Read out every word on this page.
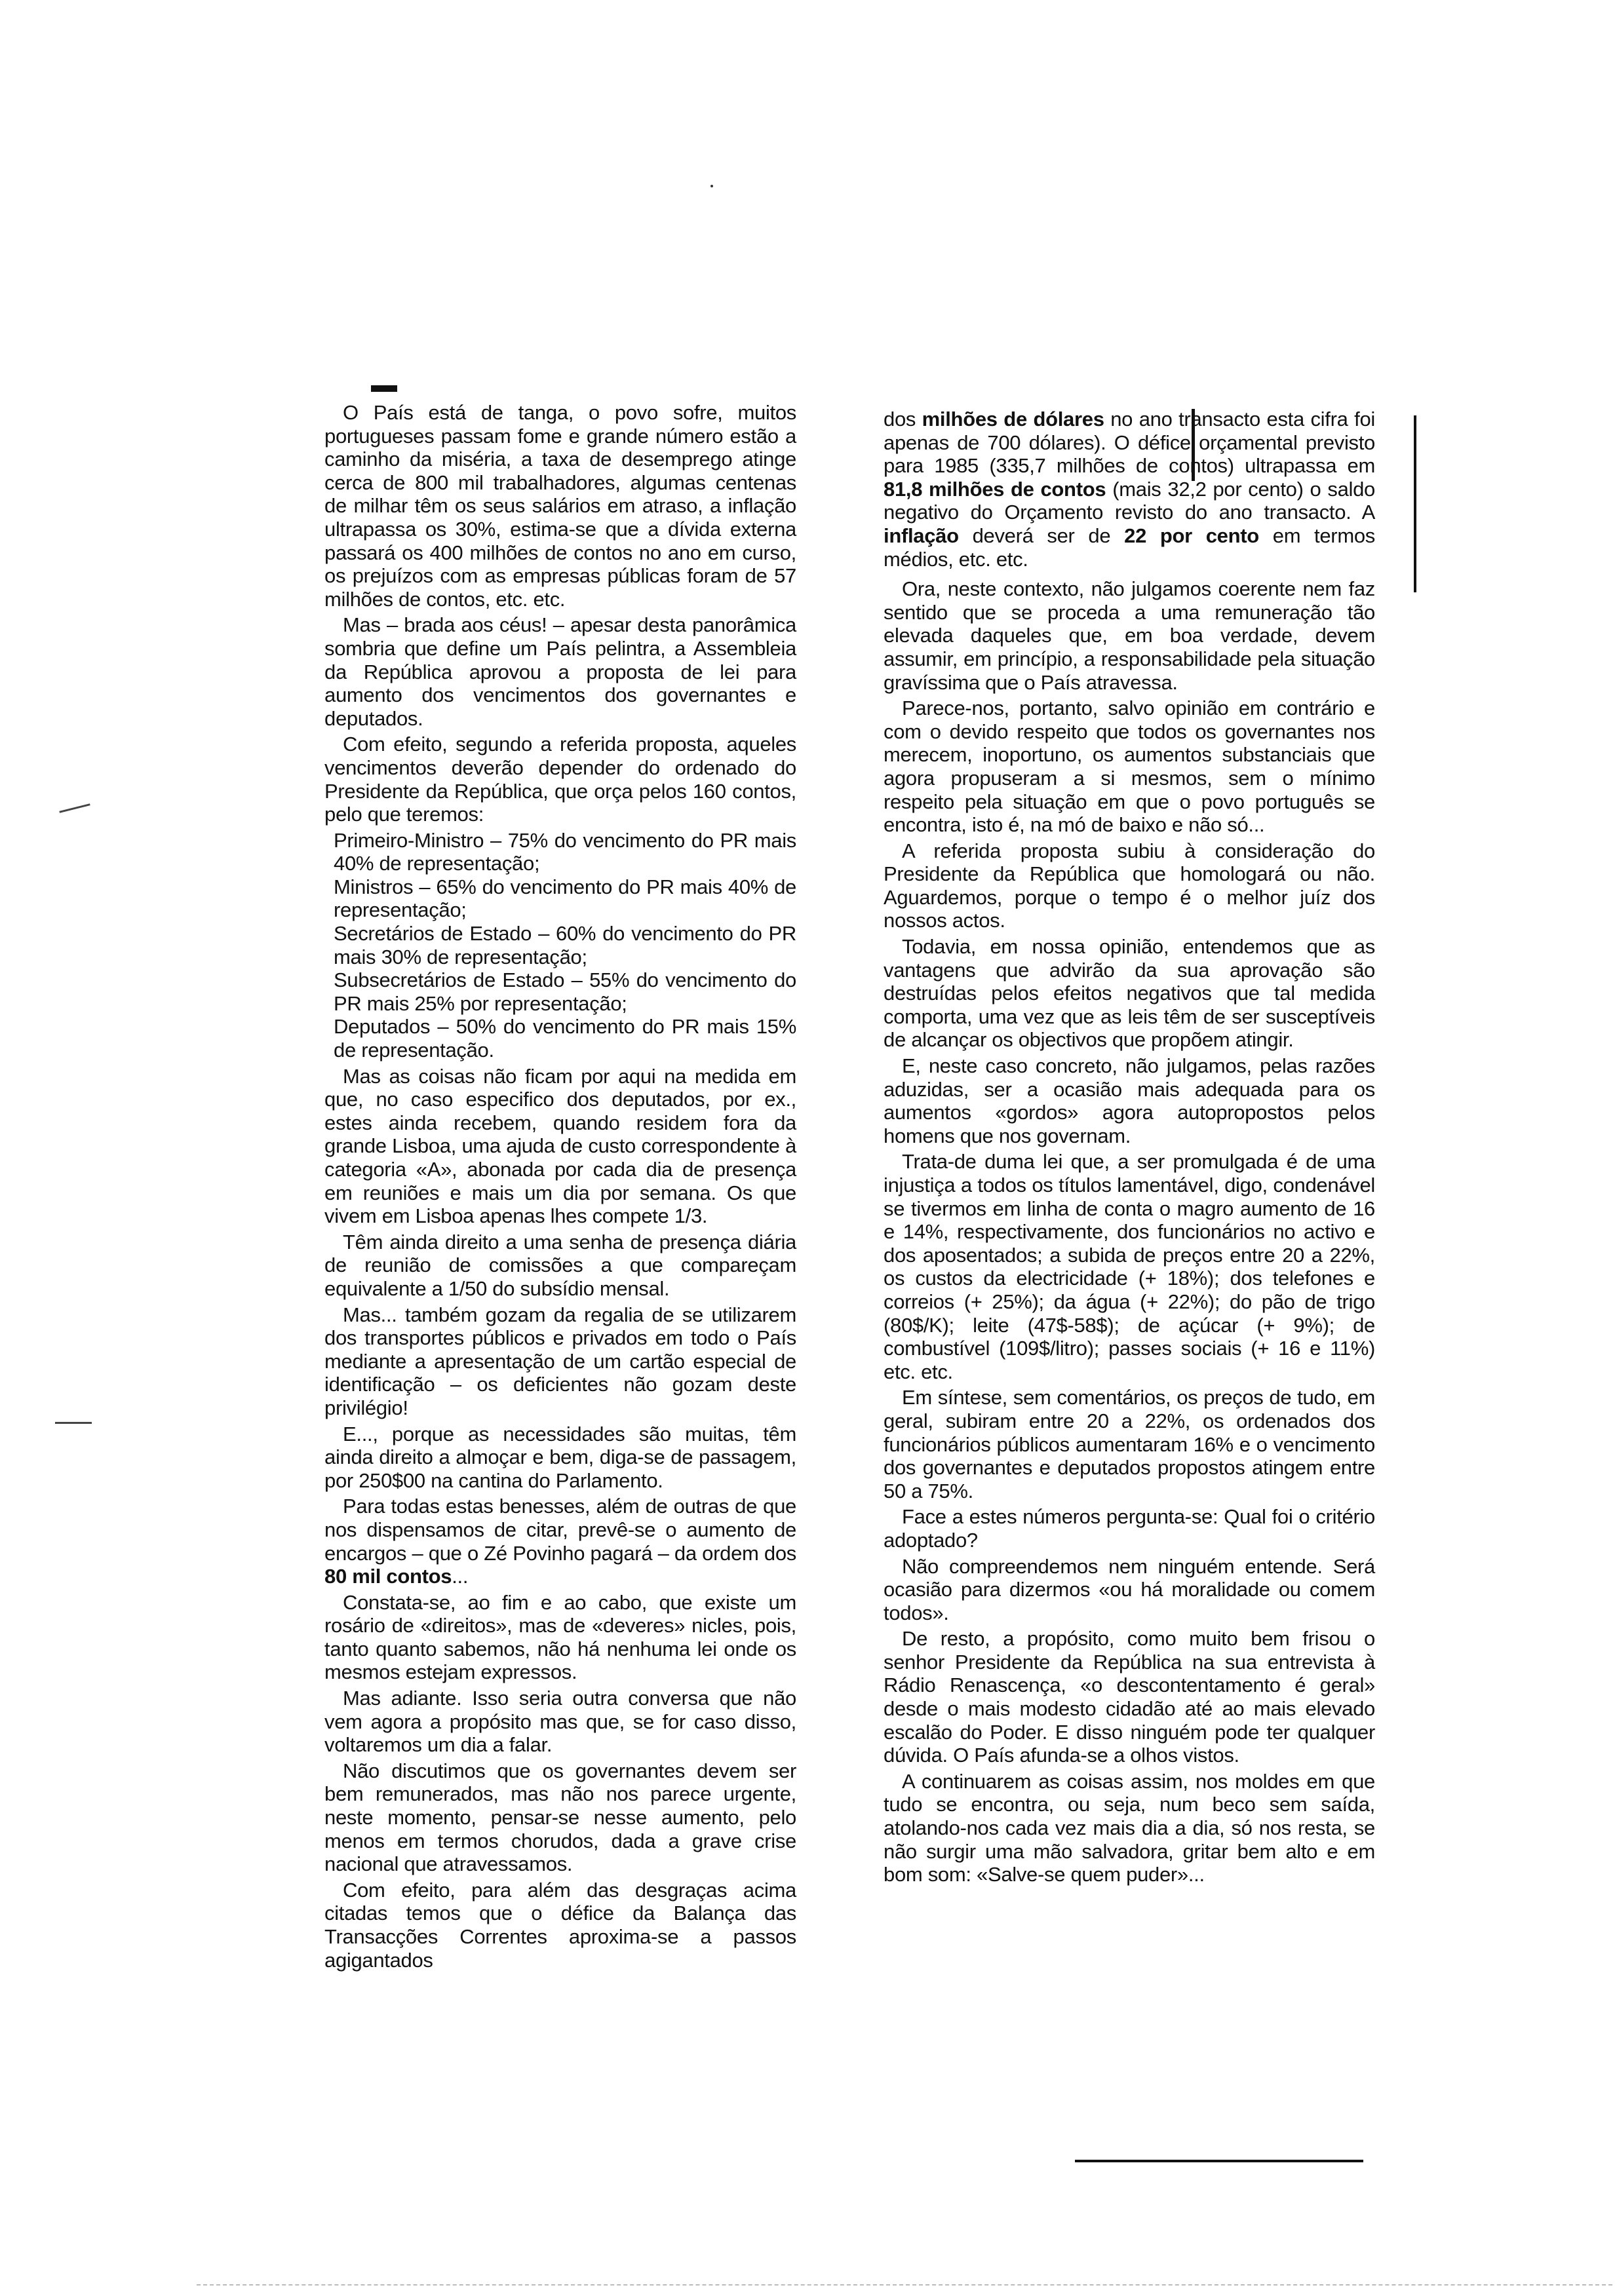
O País está de tanga, o povo sofre, muitos portugueses passam fome e grande número estão a caminho da miséria, a taxa de desemprego atinge cerca de 800 mil trabalhadores, algumas centenas de milhar têm os seus salários em atraso, a inflação ultrapassa os 30%, estima-se que a dívida externa passará os 400 milhões de contos no ano em curso, os prejuízos com as empresas públicas foram de 57 milhões de contos, etc. etc.

Mas – brada aos céus! – apesar desta panorâmica sombria que define um País pelintra, a Assembleia da República aprovou a proposta de lei para aumento dos vencimentos dos governantes e deputados.

Com efeito, segundo a referida proposta, aqueles vencimentos deverão depender do ordenado do Presidente da República, que orça pelos 160 contos, pelo que teremos:

Primeiro-Ministro – 75% do vencimento do PR mais 40% de representação;

Ministros – 65% do vencimento do PR mais 40% de representação;

Secretários de Estado – 60% do vencimento do PR mais 30% de representação;

Subsecretários de Estado – 55% do vencimento do PR mais 25% por representação;

Deputados – 50% do vencimento do PR mais 15% de representação.

Mas as coisas não ficam por aqui na medida em que, no caso especifico dos deputados, por ex., estes ainda recebem, quando residem fora da grande Lisboa, uma ajuda de custo correspondente à categoria «A», abonada por cada dia de presença em reuniões e mais um dia por semana. Os que vivem em Lisboa apenas lhes compete 1/3.

Têm ainda direito a uma senha de presença diária de reunião de comissões a que compareçam equivalente a 1/50 do subsídio mensal.

Mas... também gozam da regalia de se utilizarem dos transportes públicos e privados em todo o País mediante a apresentação de um cartão especial de identificação – os deficientes não gozam deste privilégio!

E..., porque as necessidades são muitas, têm ainda direito a almoçar e bem, diga-se de passagem, por 250$00 na cantina do Parlamento.

Para todas estas benesses, além de outras de que nos dispensamos de citar, prevê-se o aumento de encargos – que o Zé Povinho pagará – da ordem dos 80 mil contos...

Constata-se, ao fim e ao cabo, que existe um rosário de «direitos», mas de «deveres» nicles, pois, tanto quanto sabemos, não há nenhuma lei onde os mesmos estejam expressos.

Mas adiante. Isso seria outra conversa que não vem agora a propósito mas que, se for caso disso, voltaremos um dia a falar.

Não discutimos que os governantes devem ser bem remunerados, mas não nos parece urgente, neste momento, pensar-se nesse aumento, pelo menos em termos chorudos, dada a grave crise nacional que atravessamos.

Com efeito, para além das desgraças acima citadas temos que o défice da Balança das Transacções Correntes aproxima-se a passos agigantados

dos milhões de dólares no ano transacto esta cifra foi apenas de 700 dólares). O défice orçamental previsto para 1985 (335,7 milhões de contos) ultrapassa em 81,8 milhões de contos (mais 32,2 por cento) o saldo negativo do Orçamento revisto do ano transacto. A inflação deverá ser de 22 por cento em termos médios, etc. etc.

Ora, neste contexto, não julgamos coerente nem faz sentido que se proceda a uma remuneração tão elevada daqueles que, em boa verdade, devem assumir, em princípio, a responsabilidade pela situação gravíssima que o País atravessa.

Parece-nos, portanto, salvo opinião em contrário e com o devido respeito que todos os governantes nos merecem, inoportuno, os aumentos substanciais que agora propuseram a si mesmos, sem o mínimo respeito pela situação em que o povo português se encontra, isto é, na mó de baixo e não só...

A referida proposta subiu à consideração do Presidente da República que homologará ou não. Aguardemos, porque o tempo é o melhor juíz dos nossos actos.

Todavia, em nossa opinião, entendemos que as vantagens que advirão da sua aprovação são destruídas pelos efeitos negativos que tal medida comporta, uma vez que as leis têm de ser susceptíveis de alcançar os objectivos que propõem atingir.

E, neste caso concreto, não julgamos, pelas razões aduzidas, ser a ocasião mais adequada para os aumentos «gordos» agora autopropostos pelos homens que nos governam.

Trata-de duma lei que, a ser promulgada é de uma injustiça a todos os títulos lamentável, digo, condenável se tivermos em linha de conta o magro aumento de 16 e 14%, respectivamente, dos funcionários no activo e dos aposentados; a subida de preços entre 20 a 22%, os custos da electricidade (+ 18%); dos telefones e correios (+ 25%); da água (+ 22%); do pão de trigo (80$/K); leite (47$-58$); de açúcar (+ 9%); de combustível (109$/litro); passes sociais (+ 16 e 11%) etc. etc.

Em síntese, sem comentários, os preços de tudo, em geral, subiram entre 20 a 22%, os ordenados dos funcionários públicos aumentaram 16% e o vencimento dos governantes e deputados propostos atingem entre 50 a 75%.

Face a estes números pergunta-se: Qual foi o critério adoptado?

Não compreendemos nem ninguém entende. Será ocasião para dizermos «ou há moralidade ou comem todos».

De resto, a propósito, como muito bem frisou o senhor Presidente da República na sua entrevista à Rádio Renascença, «o descontentamento é geral» desde o mais modesto cidadão até ao mais elevado escalão do Poder. E disso ninguém pode ter qualquer dúvida. O País afunda-se a olhos vistos.

A continuarem as coisas assim, nos moldes em que tudo se encontra, ou seja, num beco sem saída, atolando-nos cada vez mais dia a dia, só nos resta, se não surgir uma mão salvadora, gritar bem alto e em bom som: «Salve-se quem puder»...
